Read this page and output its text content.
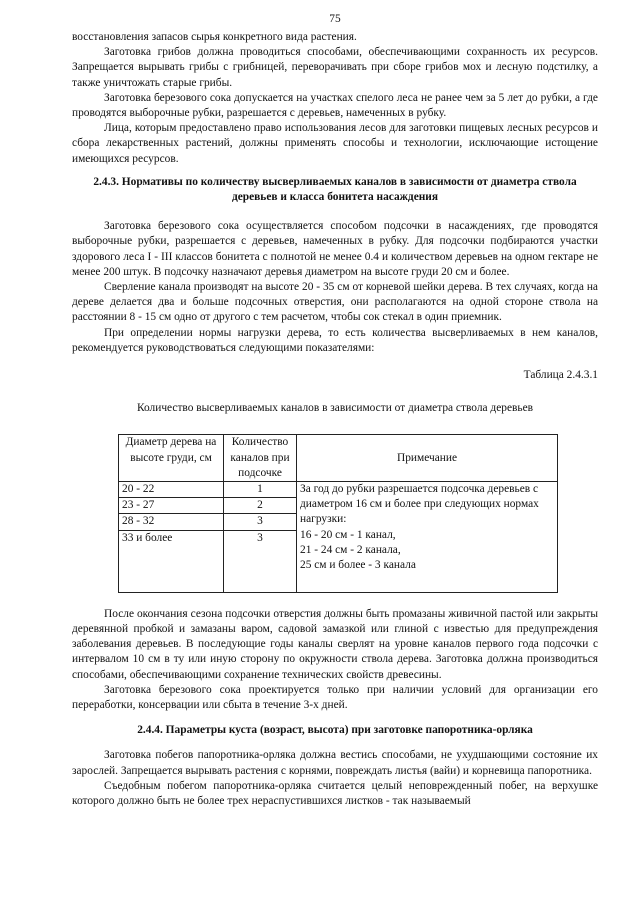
75

восстановления запасов сырья конкретного вида растения.

Заготовка грибов должна проводиться способами, обеспечивающими сохранность их ресурсов. Запрещается вырывать грибы с грибницей, переворачивать при сборе грибов мох и лесную подстилку, а также уничтожать старые грибы.

Заготовка березового сока допускается на участках спелого леса не ранее чем за 5 лет до рубки, а где проводятся выборочные рубки, разрешается с деревьев, намеченных в рубку.

Лица, которым предоставлено право использования лесов для заготовки пищевых лесных ресурсов и сбора лекарственных растений, должны применять способы и технологии, исключающие истощение имеющихся ресурсов.

2.4.3. Нормативы по количеству высверливаемых каналов в зависимости от диаметра ствола деревьев и класса бонитета насаждения

Заготовка березового сока осуществляется способом подсочки в насаждениях, где проводятся выборочные рубки, разрешается с деревьев, намеченных в рубку. Для подсочки подбираются участки здорового леса I - III классов бонитета с полнотой не менее 0.4 и количеством деревьев на одном гектаре не менее 200 штук. В подсочку назначают деревья диаметром на высоте груди 20 см и более.

Сверление канала производят на высоте 20 - 35 см от корневой шейки дерева. В тех случаях, когда на дереве делается два и больше подсочных отверстия, они располагаются на одной стороне ствола на расстоянии 8 - 15 см одно от другого с тем расчетом, чтобы сок стекал в один приемник.

При определении нормы нагрузки дерева, то есть количества высверливаемых в нем каналов, рекомендуется руководствоваться следующими показателями:

Таблица 2.4.3.1
Количество высверливаемых каналов в зависимости от диаметра ствола деревьев
Диаметр дерева на высоте груди, см	Количество каналов при подсочке	Примечание
20 - 22	1	За год до рубки разрешается подсочка деревьев с диаметром 16 см и более при следующих нормах нагрузки:
16 - 20 см - 1 канал,
21 - 24 см - 2 канала,
25 см и более - 3 канала

23 - 27	2	
28 - 32	3	
33 и более	3	

После окончания сезона подсочки отверстия должны быть промазаны живичной пастой или закрыты деревянной пробкой и замазаны варом, садовой замазкой или глиной с известью для предупреждения заболевания деревьев. В последующие годы каналы сверлят на уровне каналов первого года подсочки с интервалом 10 см в ту или иную сторону по окружности ствола дерева. Заготовка должна производиться способами, обеспечивающими сохранение технических свойств древесины.

Заготовка березового сока проектируется только при наличии условий для организации его переработки, консервации или сбыта в течение 3-х дней.

2.4.4. Параметры куста (возраст, высота) при заготовке папоротника-орляка

Заготовка побегов папоротника-орляка должна вестись способами, не ухудшающими состояние их зарослей. Запрещается вырывать растения с корнями, повреждать листья (вайи) и корневища папоротника.

Съедобным побегом папоротника-орляка считается целый неповрежденный побег, на верхушке которого должно быть не более трех нераспустившихся листков - так называемый
